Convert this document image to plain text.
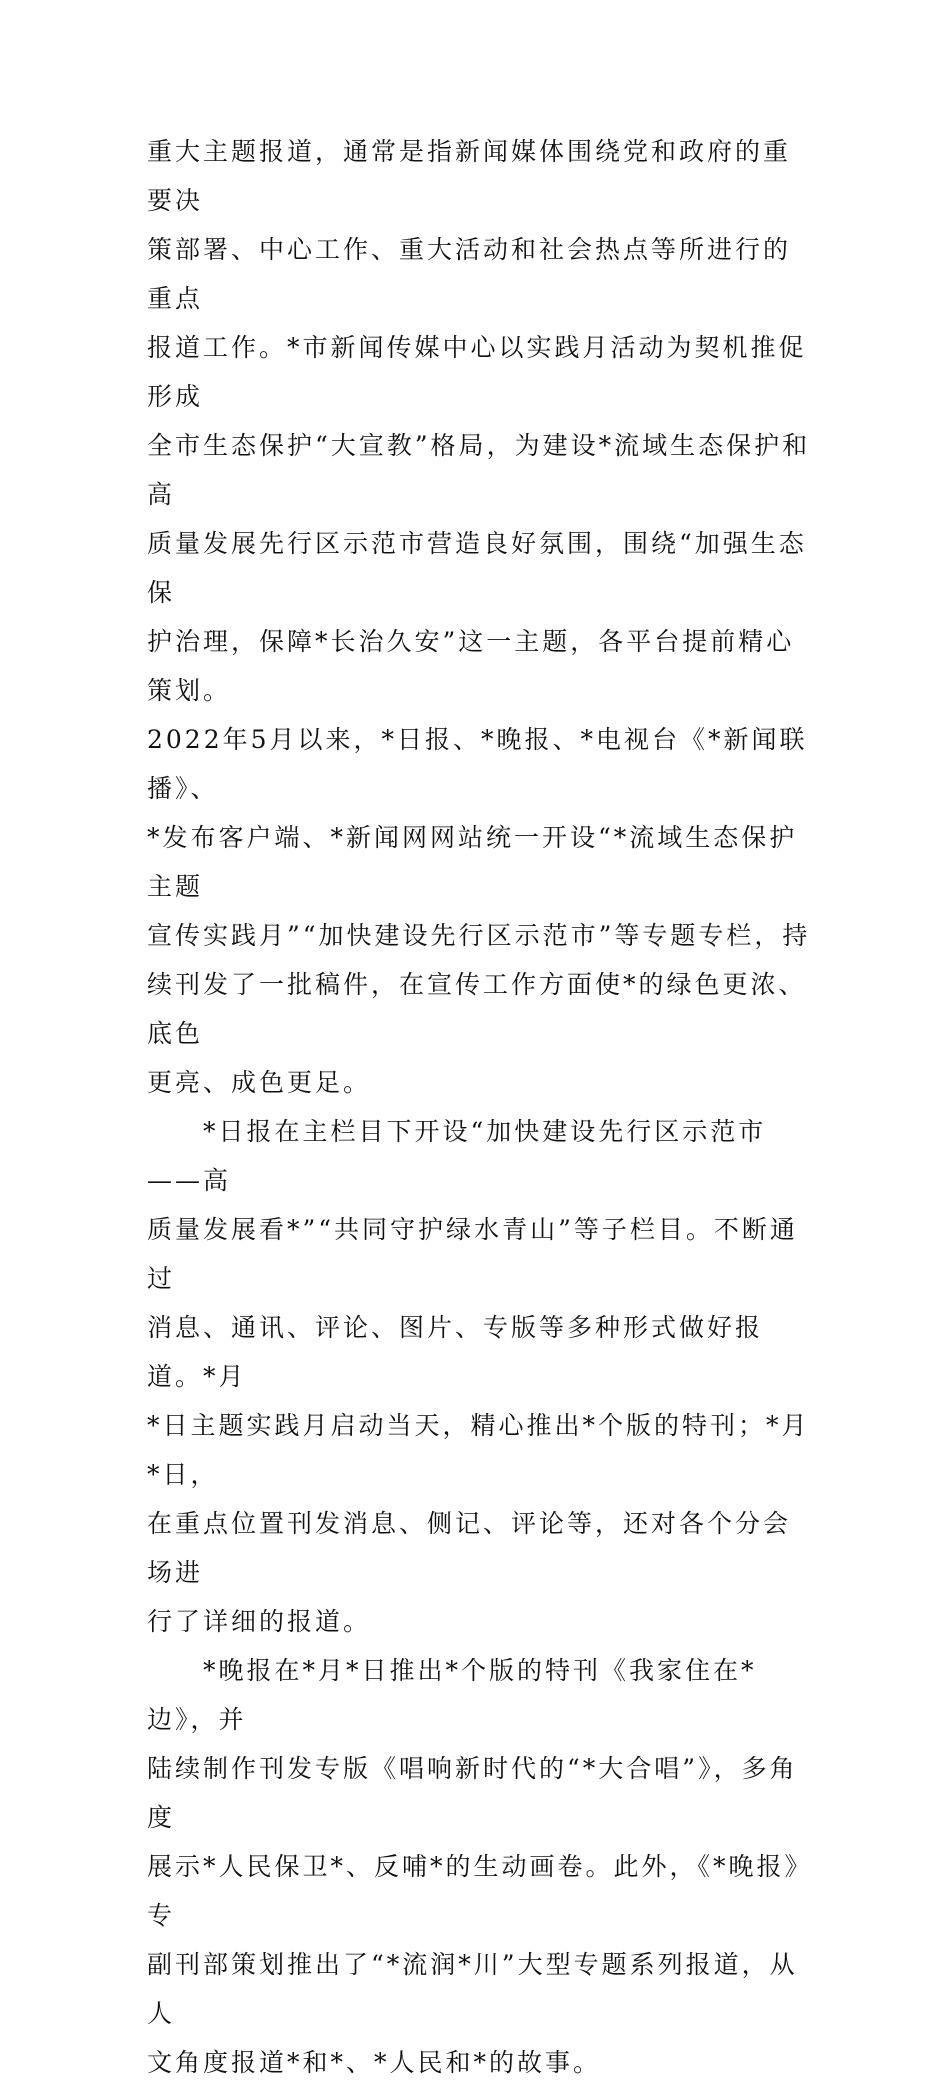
重大主题报道，通常是指新闻媒体围绕党和政府的重要决
策部署、中心工作、重大活动和社会热点等所进行的重点
报道工作。*市新闻传媒中心以实践月活动为契机推促形成
全市生态保护“大宣教”格局，为建设*流域生态保护和高
质量发展先行区示范市营造良好氛围，围绕“加强生态保
护治理，保障*长治久安”这一主题，各平台提前精心策划。
2022年5月以来，*日报、*晚报、*电视台《*新闻联播》、
*发布客户端、*新闻网网站统一开设“*流域生态保护主题
宣传实践月”“加快建设先行区示范市”等专题专栏，持
续刊发了一批稿件，在宣传工作方面使*的绿色更浓、底色
更亮、成色更足。

　　*日报在主栏目下开设“加快建设先行区示范市——高
质量发展看*”“共同守护绿水青山”等子栏目。不断通过
消息、通讯、评论、图片、专版等多种形式做好报道。*月
*日主题实践月启动当天，精心推出*个版的特刊；*月*日，
在重点位置刊发消息、侧记、评论等，还对各个分会场进
行了详细的报道。

　　*晚报在*月*日推出*个版的特刊《我家住在*边》，并
陆续制作刊发专版《唱响新时代的“*大合唱”》，多角度
展示*人民保卫*、反哺*的生动画卷。此外，《*晚报》专
副刊部策划推出了“*流润*川”大型专题系列报道，从人
文角度报道*和*、*人民和*的故事。
